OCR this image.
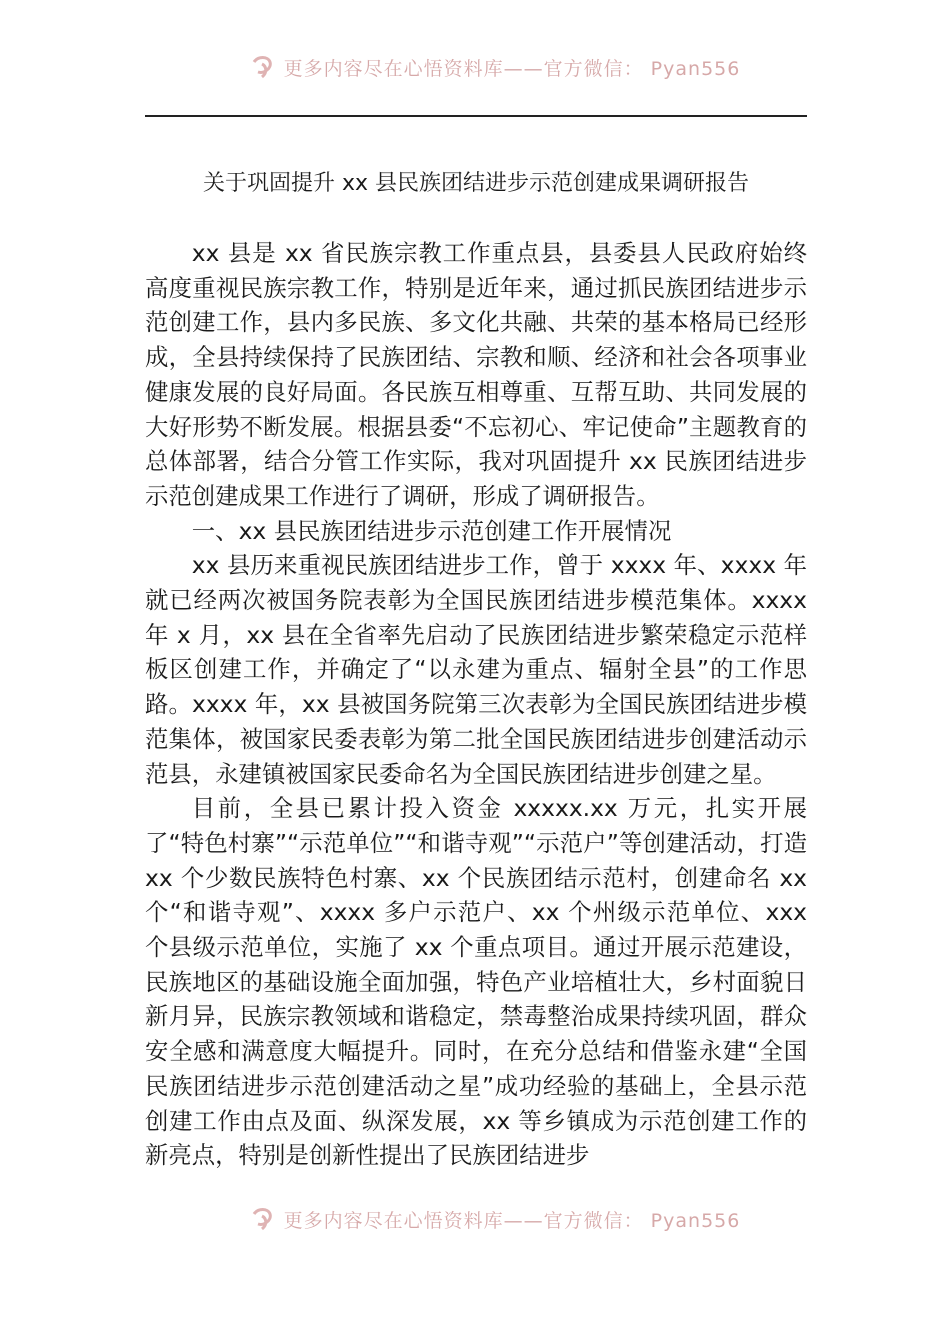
更多内容尽在心悟资料库——官方微信： Pyan556
关于巩固提升 xx 县民族团结进步示范创建成果调研报告

xx 县是 xx 省民族宗教工作重点县，县委县人民政府始终高度重视民族宗教工作，特别是近年来，通过抓民族团结进步示范创建工作，县内多民族、多文化共融、共荣的基本格局已经形成，全县持续保持了民族团结、宗教和顺、经济和社会各项事业健康发展的良好局面。各民族互相尊重、互帮互助、共同发展的大好形势不断发展。根据县委“不忘初心、牢记使命”主题教育的总体部署，结合分管工作实际，我对巩固提升 xx 民族团结进步示范创建成果工作进行了调研，形成了调研报告。

一、xx 县民族团结进步示范创建工作开展情况

xx 县历来重视民族团结进步工作，曾于 xxxx 年、xxxx 年就已经两次被国务院表彰为全国民族团结进步模范集体。xxxx 年 x 月，xx 县在全省率先启动了民族团结进步繁荣稳定示范样板区创建工作，并确定了“以永建为重点、辐射全县”的工作思路。xxxx 年，xx 县被国务院第三次表彰为全国民族团结进步模范集体，被国家民委表彰为第二批全国民族团结进步创建活动示范县，永建镇被国家民委命名为全国民族团结进步创建之星。

目前，全县已累计投入资金 xxxxx.xx 万元，扎实开展了“特色村寨”“示范单位”“和谐寺观”“示范户”等创建活动，打造 xx 个少数民族特色村寨、xx 个民族团结示范村，创建命名 xx 个“和谐寺观”、xxxx 多户示范户、xx 个州级示范单位、xxx 个县级示范单位，实施了 xx 个重点项目。通过开展示范建设，民族地区的基础设施全面加强，特色产业培植壮大，乡村面貌日新月异，民族宗教领域和谐稳定，禁毒整治成果持续巩固，群众安全感和满意度大幅提升。同时，在充分总结和借鉴永建“全国民族团结进步示范创建活动之星”成功经验的基础上，全县示范创建工作由点及面、纵深发展，xx 等乡镇成为示范创建工作的新亮点，特别是创新性提出了民族团结进步

更多内容尽在心悟资料库——官方微信： Pyan556
